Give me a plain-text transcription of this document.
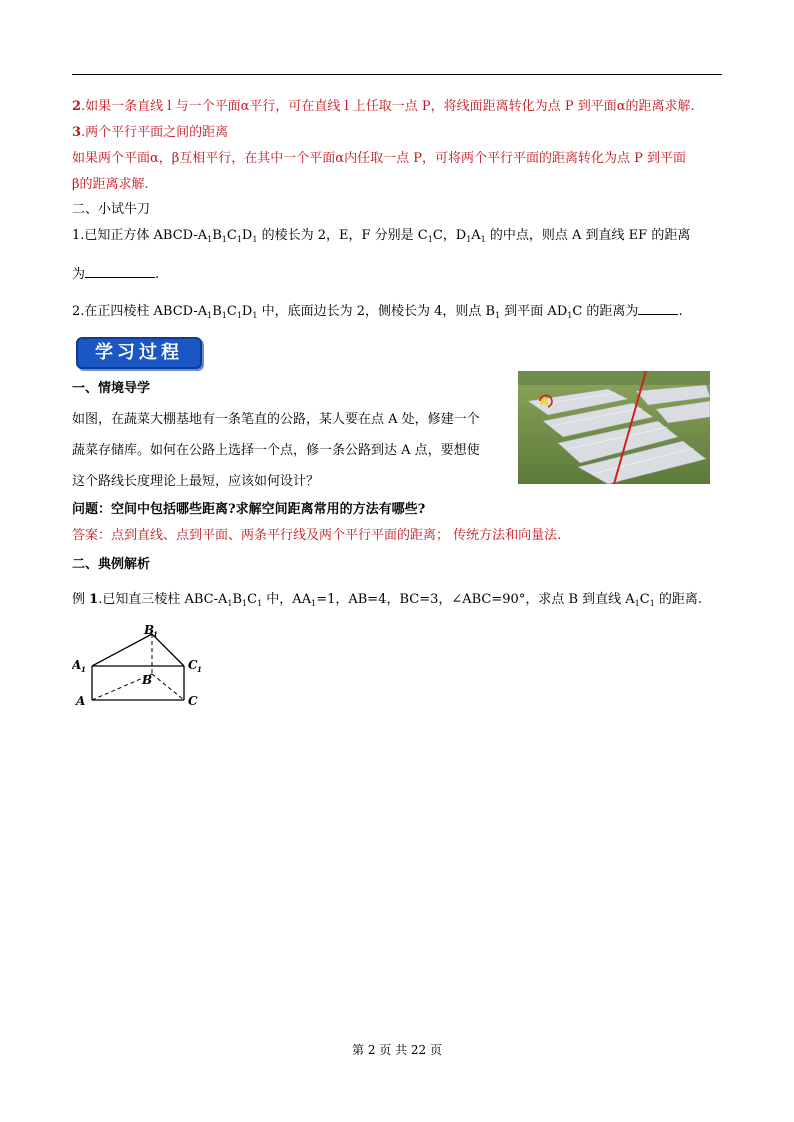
2.如果一条直线 l 与一个平面α平行，可在直线 l 上任取一点 P，将线面距离转化为点 P 到平面α的距离求解.
3.两个平行平面之间的距离
如果两个平面α，β互相平行，在其中一个平面α内任取一点 P，可将两个平行平面的距离转化为点 P 到平面
β的距离求解.
二、小试牛刀
1.已知正方体 ABCD-$A_1B_1C_1D_1$ 的棱长为 2，E，F 分别是 $C_1C$，$D_1A_1$ 的中点，则点 A 到直线 EF 的距离
为	.
2.在正四棱柱 ABCD-$A_1B_1C_1D_1$ 中，底面边长为 2，侧棱长为 4，则点 $B_1$ 到平面 $AD_1C$ 的距离为	.
学习过程
一、情境导学
如图，在蔬菜大棚基地有一条笔直的公路，某人要在点 A 处，修建一个
蔬菜存储库。如何在公路上选择一个点，修一条公路到达 A 点，要想使
这个路线长度理论上最短，应该如何设计？
A
问题：空间中包括哪些距离?求解空间距离常用的方法有哪些?
答案：点到直线、点到平面、两条平行线及两个平行平面的距离； 传统方法和向量法.
二、典例解析
例 1.已知直三棱柱 ABC-$A_1B_1C_1$ 中，$AA_1=1$，AB=4，BC=3，∠ABC=90°，求点 B 到直线 $A_1C_1$ 的距离.
B
1
A 1	C 1
B
A	C
第 2 页 共 22 页
